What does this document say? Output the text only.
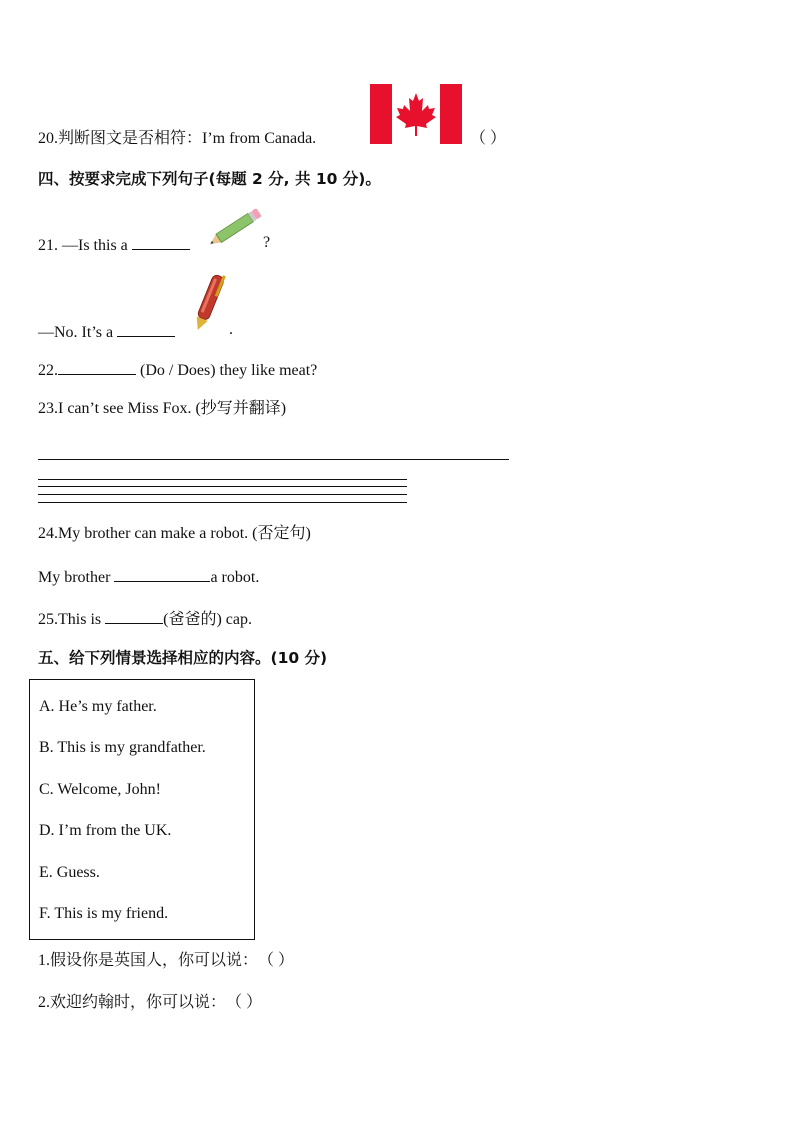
20.判断图文是否相符：I’m from Canada.	（ ）
四、按要求完成下列句子(每题 2 分, 共 10 分)。
21. —Is this a	?
—No. It’s a	.
22.	(Do / Does) they like meat?
23.I can’t see Miss Fox. (抄写并翻译)
24.My brother can make a robot. (否定句)
My brother	a robot.
25.This is	(爸爸的) cap.
五、给下列情景选择相应的内容。(10 分)
A. He’s my father.
B. This is my grandfather.
C. Welcome, John!
D. I’m from the UK.
E. Guess.
F. This is my friend.
1.假设你是英国人，你可以说：（ ）
2.欢迎约翰时，你可以说：（ ）
